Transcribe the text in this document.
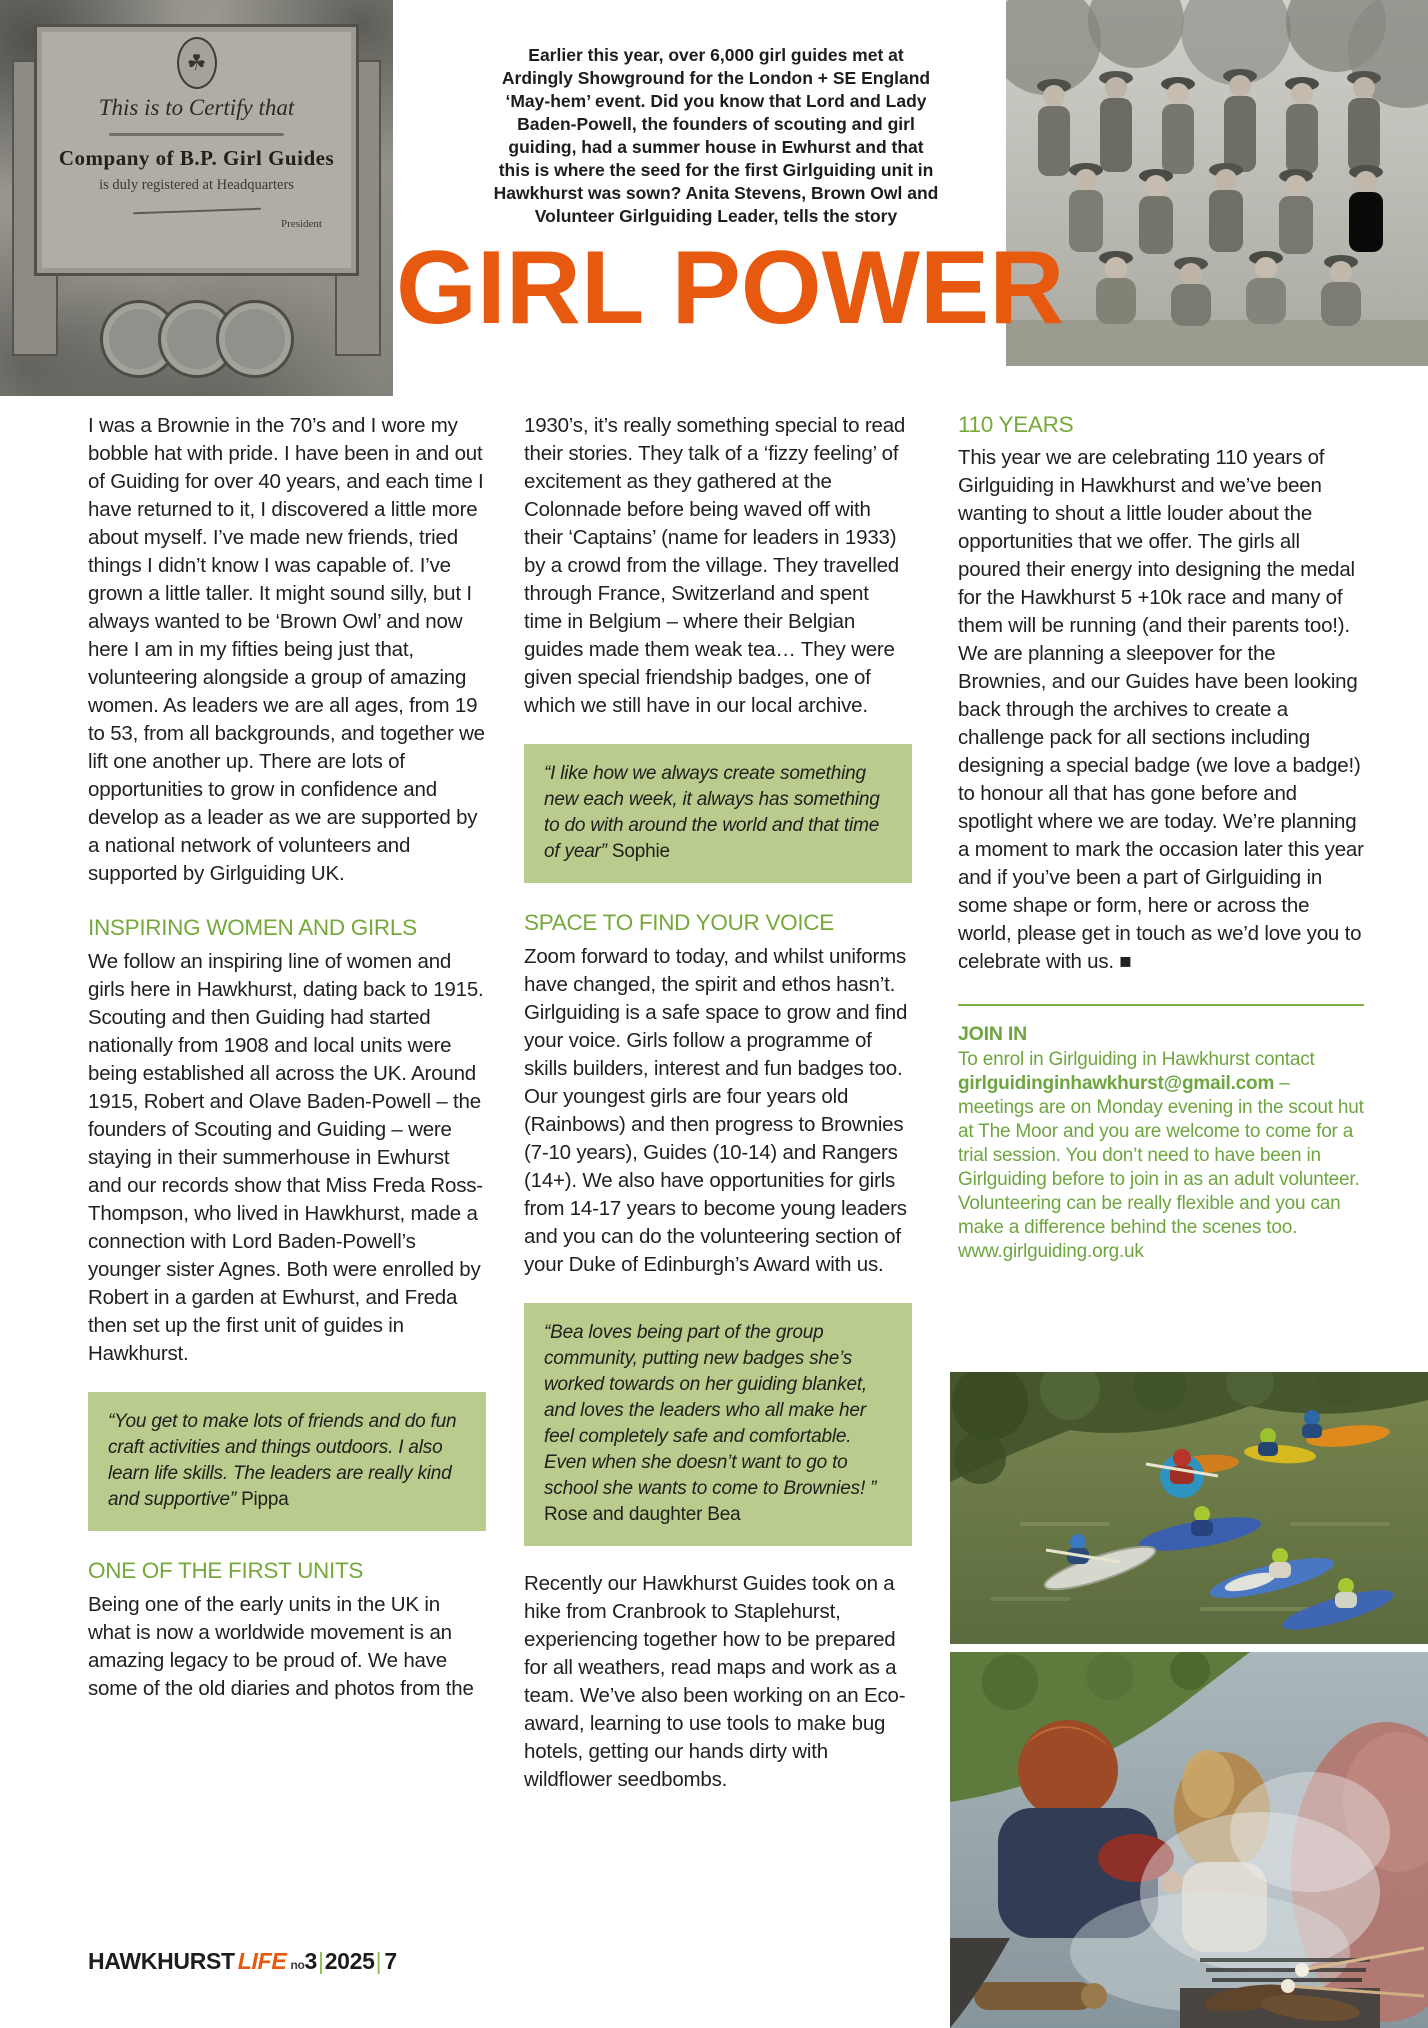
☘
This is to Certify that
Company of B.P. Girl Guides
is duly registered at Headquarters
President
Earlier this year, over 6,000 girl guides met at
Ardingly Showground for the London + SE England
‘May-hem’ event. Did you know that Lord and Lady
Baden-Powell, the founders of scouting and girl
guiding, had a summer house in Ewhurst and that
this is where the seed for the first Girlguiding unit in
Hawkhurst was sown? Anita Stevens, Brown Owl and
Volunteer Girlguiding Leader, tells the story
GIRL POWER

I was a Brownie in the 70’s and I wore my bobble hat with pride. I have been in and out of Guiding for over 40 years, and each time I have returned to it, I discovered a little more about myself. I’ve made new friends, tried things I didn’t know I was capable of. I’ve grown a little taller. It might sound silly, but I always wanted to be ‘Brown Owl’ and now here I am in my fifties being just that, volunteering alongside a group of amazing women. As leaders we are all ages, from 19 to 53, from all backgrounds, and together we lift one another up. There are lots of opportunities to grow in confidence and develop as a leader as we are supported by a national network of volunteers and supported by Girlguiding UK.

INSPIRING WOMEN AND GIRLS

We follow an inspiring line of women and girls here in Hawkhurst, dating back to 1915. Scouting and then Guiding had started nationally from 1908 and local units were being established all across the UK. Around 1915, Robert and Olave Baden-Powell – the founders of Scouting and Guiding – were staying in their summerhouse in Ewhurst and our records show that Miss Freda Ross-Thompson, who lived in Hawkhurst, made a connection with Lord Baden-Powell’s younger sister Agnes. Both were enrolled by Robert in a garden at Ewhurst, and Freda then set up the first unit of guides in Hawkhurst.

“You get to make lots of friends and do fun craft activities and things outdoors. I also learn life skills. The leaders are really kind and supportive” Pippa
ONE OF THE FIRST UNITS

Being one of the early units in the UK in what is now a worldwide movement is an amazing legacy to be proud of. We have some of the old diaries and photos from the

1930’s, it’s really something special to read their stories. They talk of a ‘fizzy feeling’ of excitement as they gathered at the Colonnade before being waved off with their ‘Captains’ (name for leaders in 1933) by a crowd from the village. They travelled through France, Switzerland and spent time in Belgium – where their Belgian guides made them weak tea… They were given special friendship badges, one of which we still have in our local archive.

“I like how we always create something new each week, it always has something to do with around the world and that time of year” Sophie
SPACE TO FIND YOUR VOICE

Zoom forward to today, and whilst uniforms have changed, the spirit and ethos hasn’t. Girlguiding is a safe space to grow and find your voice. Girls follow a programme of skills builders, interest and fun badges too. Our youngest girls are four years old (Rainbows) and then progress to Brownies (7-10 years), Guides (10-14) and Rangers (14+). We also have opportunities for girls from 14-17 years to become young leaders and you can do the volunteering section of your Duke of Edinburgh’s Award with us.

“Bea loves being part of the group community, putting new badges she’s worked towards on her guiding blanket, and loves the leaders who all make her feel completely safe and comfortable. Even when she doesn’t want to go to school she wants to come to Brownies! ” Rose and daughter Bea

Recently our Hawkhurst Guides took on a hike from Cranbrook to Staplehurst, experiencing together how to be prepared for all weathers, read maps and work as a team. We’ve also been working on an Eco-award, learning to use tools to make bug hotels, getting our hands dirty with wildflower seedbombs.

110 YEARS

This year we are celebrating 110 years of Girlguiding in Hawkhurst and we’ve been wanting to shout a little louder about the opportunities that we offer. The girls all poured their energy into designing the medal for the Hawkhurst 5 +10k race and many of them will be running (and their parents too!). We are planning a sleepover for the Brownies, and our Guides have been looking back through the archives to create a challenge pack for all sections including designing a special badge (we love a badge!) to honour all that has gone before and spotlight where we are today. We’re planning a moment to mark the occasion later this year and if you’ve been a part of Girlguiding in some shape or form, here or across the world, please get in touch as we’d love you to celebrate with us. ■

JOIN IN
To enrol in Girlguiding in Hawkhurst contact girlguidinginhawkhurst@gmail.com – meetings are on Monday evening in the scout hut at The Moor and you are welcome to come for a trial session. You don’t need to have been in Girlguiding before to join in as an adult volunteer. Volunteering can be really flexible and you can make a difference behind the scenes too. www.girlguiding.org.uk
HAWKHURST LIFE no 3 | 2025 | 7
